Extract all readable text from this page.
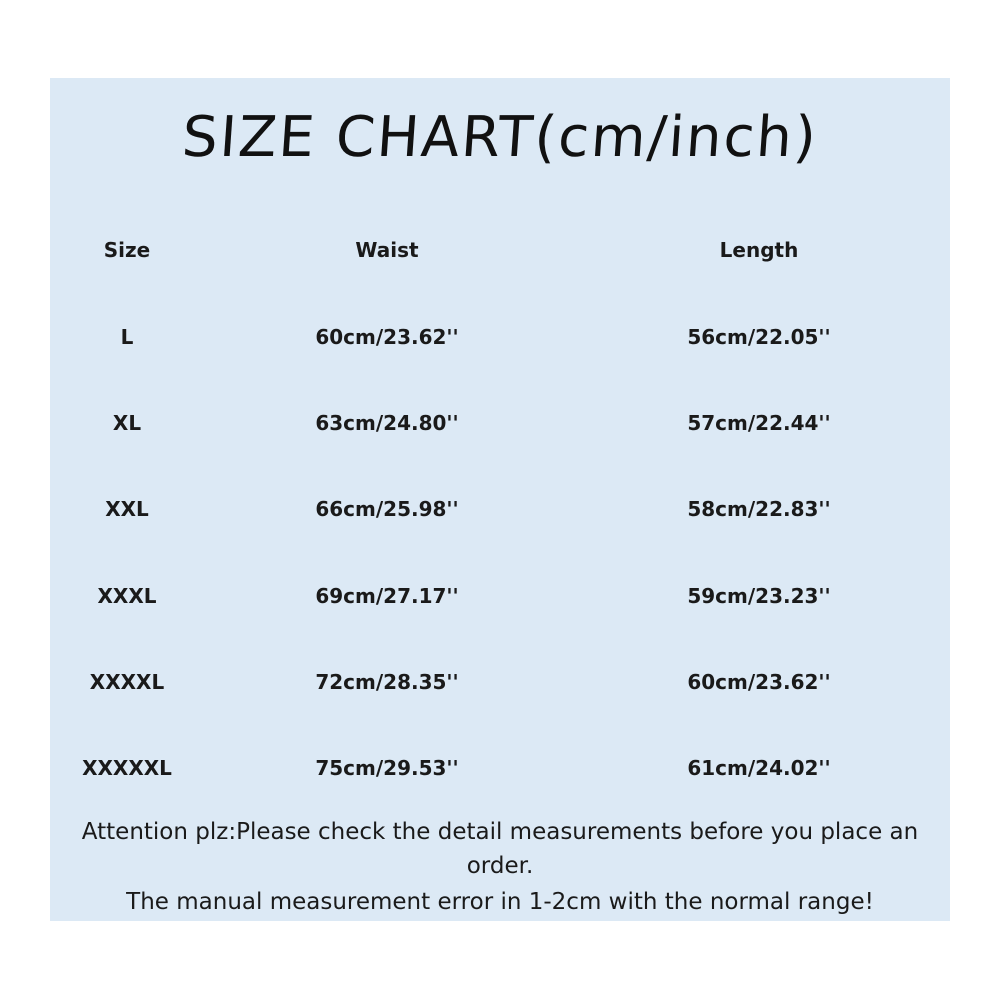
SIZE CHART(cm/inch)
Size	Waist	Length
L	60cm/23.62''	56cm/22.05''
XL	63cm/24.80''	57cm/22.44''
XXL	66cm/25.98''	58cm/22.83''
XXXL	69cm/27.17''	59cm/23.23''
XXXXL	72cm/28.35''	60cm/23.62''
XXXXXL	75cm/29.53''	61cm/24.02''
Attention plz:Please check the detail measurements before you place an
order.
The manual measurement error in 1-2cm with the normal range!
